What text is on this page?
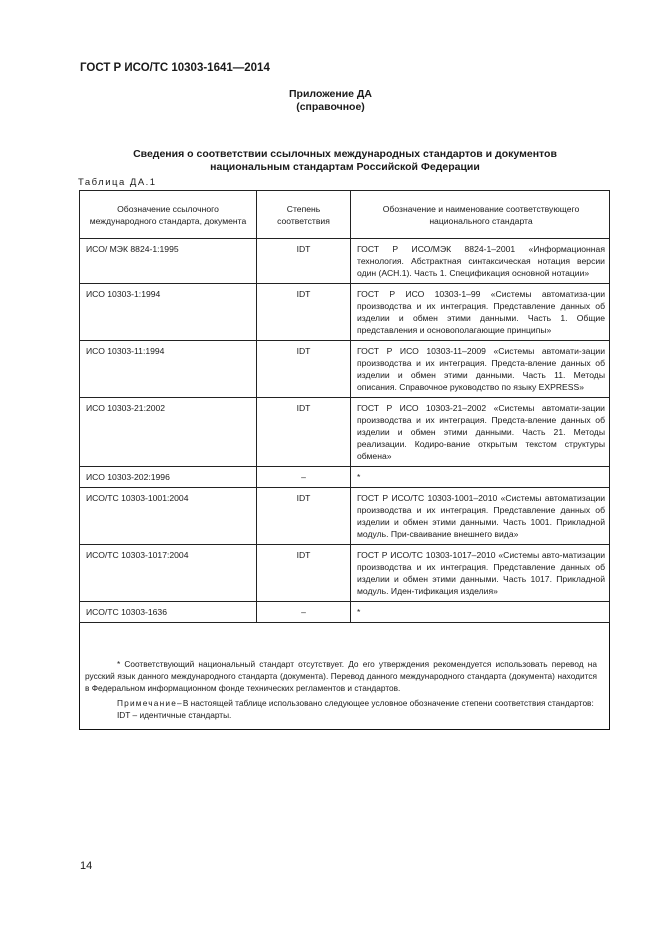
ГОСТ Р ИСО/ТС 10303-1641—2014
Приложение ДА
(справочное)
Сведения о соответствии ссылочных международных стандартов и документов
национальным стандартам Российской Федерации
Таблица ДА.1
Обозначение ссылочного международного стандарта, документа	Степень соответствия	Обозначение и наименование соответствующего национального стандарта
ИСО/ МЭК 8824-1:1995	IDT	ГОСТ Р ИСО/МЭК 8824-1–2001 «Информационная технология. Абстрактная синтаксическая нотация версии один (АСН.1). Часть 1. Спецификация основной нотации»
ИСО 10303-1:1994	IDT	ГОСТ Р ИСО 10303-1–99 «Системы автоматиза-ции производства и их интеграция. Представление данных об изделии и обмен этими данными. Часть 1. Общие представления и основополагающие принципы»
ИСО 10303-11:1994	IDT	ГОСТ Р ИСО 10303-11–2009 «Системы автомати-зации производства и их интеграция. Предста-вление данных об изделии и обмен этими данными. Часть 11. Методы описания. Справочное руководство по языку EXPRESS»
ИСО 10303-21:2002	IDT	ГОСТ Р ИСО 10303-21–2002 «Системы автомати-зации производства и их интеграция. Предста-вление данных об изделии и обмен этими данными. Часть 21. Методы реализации. Кодиро-вание открытым текстом структуры обмена»
ИСО 10303-202:1996	–	*
ИСО/ТС 10303-1001:2004	IDT	ГОСТ Р ИСО/ТС 10303-1001–2010 «Системы автоматизации производства и их интеграция. Представление данных об изделии и обмен этими данными. Часть 1001. Прикладной модуль. При-сваивание внешнего вида»
ИСО/ТС 10303-1017:2004	IDT	ГОСТ Р ИСО/ТС 10303-1017–2010 «Системы авто-матизации производства и их интеграция. Представление данных об изделии и обмен этими данными. Часть 1017. Прикладной модуль. Иден-тификация изделия»
ИСО/ТС 10303-1636	–	*

* Соответствующий национальный стандарт отсутствует. До его утверждения рекомендуется использовать перевод на русский язык данного международного стандарта (документа). Перевод данного международного стандарта (документа) находится в Федеральном информационном фонде технических регламентов и стандартов.

Примечание–В настоящей таблице использовано следующее условное обозначение степени соответствия стандартов:

IDT – идентичные стандарты.

14
